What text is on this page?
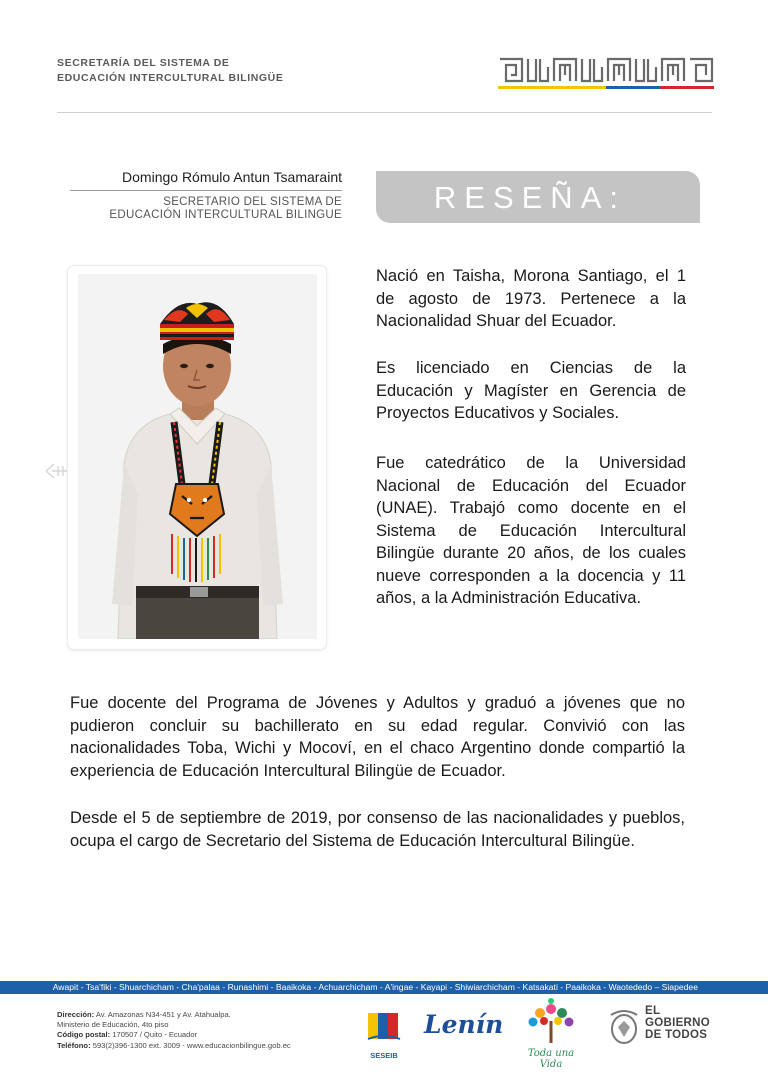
SECRETARÍA DEL SISTEMA DE
EDUCACIÓN INTERCULTURAL BILINGÜE
Domingo Rómulo Antun Tsamaraint
SECRETARIO DEL SISTEMA DE
EDUCACIÓN INTERCULTURAL BILINGUE	RESEÑA:

Nació en Taisha, Morona Santiago, el 1 de agosto de 1973. Pertenece a la Nacionalidad Shuar del Ecuador.

Es licenciado en Ciencias de la Educación y Magíster en Gerencia de Proyectos Educativos y Sociales.

Fue catedrático de la Universidad Nacional de Educación del Ecuador (UNAE). Trabajó como docente en el Sistema de Educación Intercultural Bilingüe durante 20 años, de los cuales nueve corresponden a la docencia y 11 años, a la Administración Educativa.

Fue docente del Programa de Jóvenes y Adultos y graduó a jóvenes que no pudieron concluir su bachillerato en su edad regular. Convivió con las nacionalidades Toba, Wichi y Mocoví, en el chaco Argentino donde compartió la experiencia de Educación Intercultural Bilingüe de Ecuador.

Desde el 5 de septiembre de 2019, por consenso de las nacionalidades y pueblos, ocupa el cargo de Secretario del Sistema de Educación Intercultural Bilingüe.

Awapit - Tsa'fiki - Shuarchicham - Cha'palaa - Runashimi - Baaikoka - Achuarchicham - A'ingae - Kayapi - Shiwiarchicham - Katsakati - Paaikoka - Waotededo – Siapedee
Dirección: Av. Amazonas N34-451 y Av. Atahualpa.
Ministerio de Educación, 4to piso
Código postal: 170507 / Quito - Ecuador
Teléfono: 593(2)396-1300 ext. 3009 - www.educacionbilingue.gob.ec
SESEIB
Lenín
Toda una Vida
EL
GOBIERNO
DE TODOS
